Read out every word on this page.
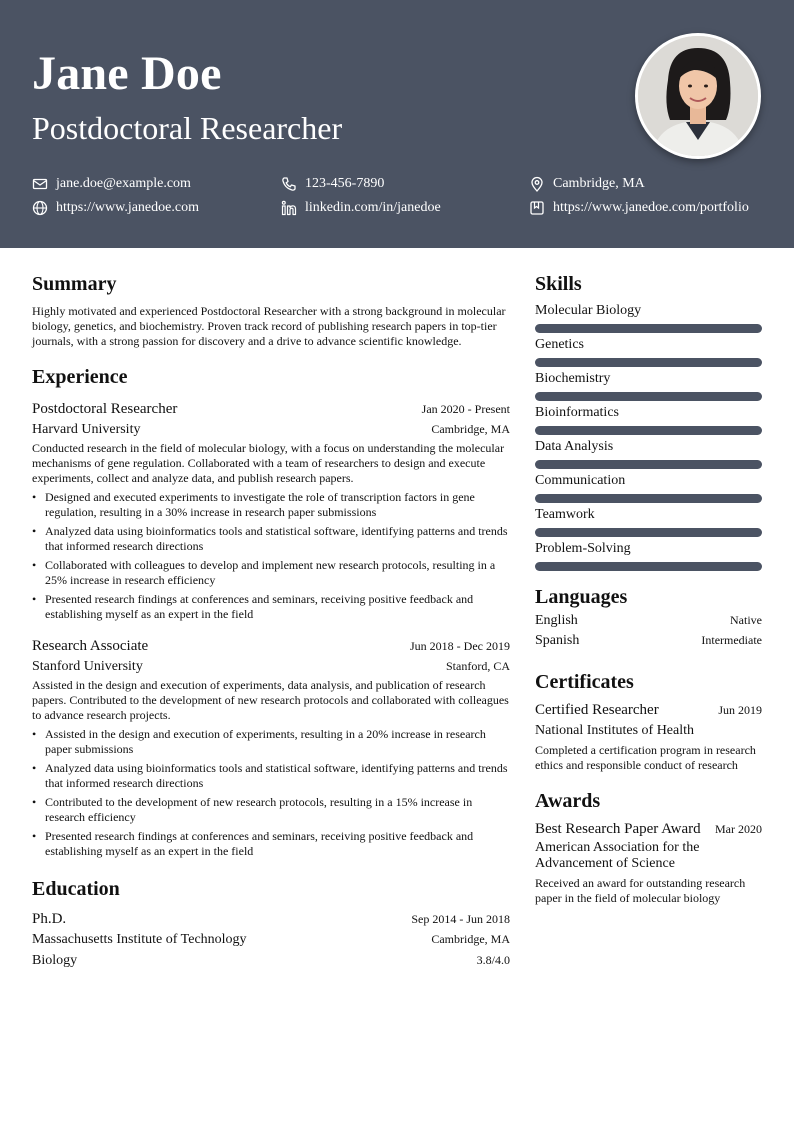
Jane Doe
Postdoctoral Researcher
jane.doe@example.com	123-456-7890	Cambridge, MA
https://www.janedoe.com	linkedin.com/in/janedoe	https://www.janedoe.com/portfolio
Summary
Highly motivated and experienced Postdoctoral Researcher with a strong background in molecular biology, genetics, and biochemistry. Proven track record of publishing research papers in top-tier journals, with a strong passion for discovery and a drive to advance scientific knowledge.
Experience
Postdoctoral Researcher	Jan 2020 - Present
Harvard University	Cambridge, MA
Conducted research in the field of molecular biology, with a focus on understanding the molecular mechanisms of gene regulation. Collaborated with a team of researchers to design and execute experiments, collect and analyze data, and publish research papers.
• Designed and executed experiments to investigate the role of transcription factors in gene regulation, resulting in a 30% increase in research paper submissions
• Analyzed data using bioinformatics tools and statistical software, identifying patterns and trends that informed research directions
• Collaborated with colleagues to develop and implement new research protocols, resulting in a 25% increase in research efficiency
• Presented research findings at conferences and seminars, receiving positive feedback and establishing myself as an expert in the field
Research Associate	Jun 2018 - Dec 2019
Stanford University	Stanford, CA
Assisted in the design and execution of experiments, data analysis, and publication of research papers. Contributed to the development of new research protocols and collaborated with colleagues to advance research projects.
• Assisted in the design and execution of experiments, resulting in a 20% increase in research paper submissions
• Analyzed data using bioinformatics tools and statistical software, identifying patterns and trends that informed research directions
• Contributed to the development of new research protocols, resulting in a 15% increase in research efficiency
• Presented research findings at conferences and seminars, receiving positive feedback and establishing myself as an expert in the field
Education
Ph.D.	Sep 2014 - Jun 2018
Massachusetts Institute of Technology	Cambridge, MA
Biology	3.8/4.0
Skills
Molecular Biology
Genetics
Biochemistry
Bioinformatics
Data Analysis
Communication
Teamwork
Problem-Solving
Languages
English	Native
Spanish	Intermediate
Certificates
Certified Researcher	Jun 2019
National Institutes of Health
Completed a certification program in research ethics and responsible conduct of research
Awards
Best Research Paper Award Mar 2020
American Association for the Advancement of Science
Received an award for outstanding research paper in the field of molecular biology
